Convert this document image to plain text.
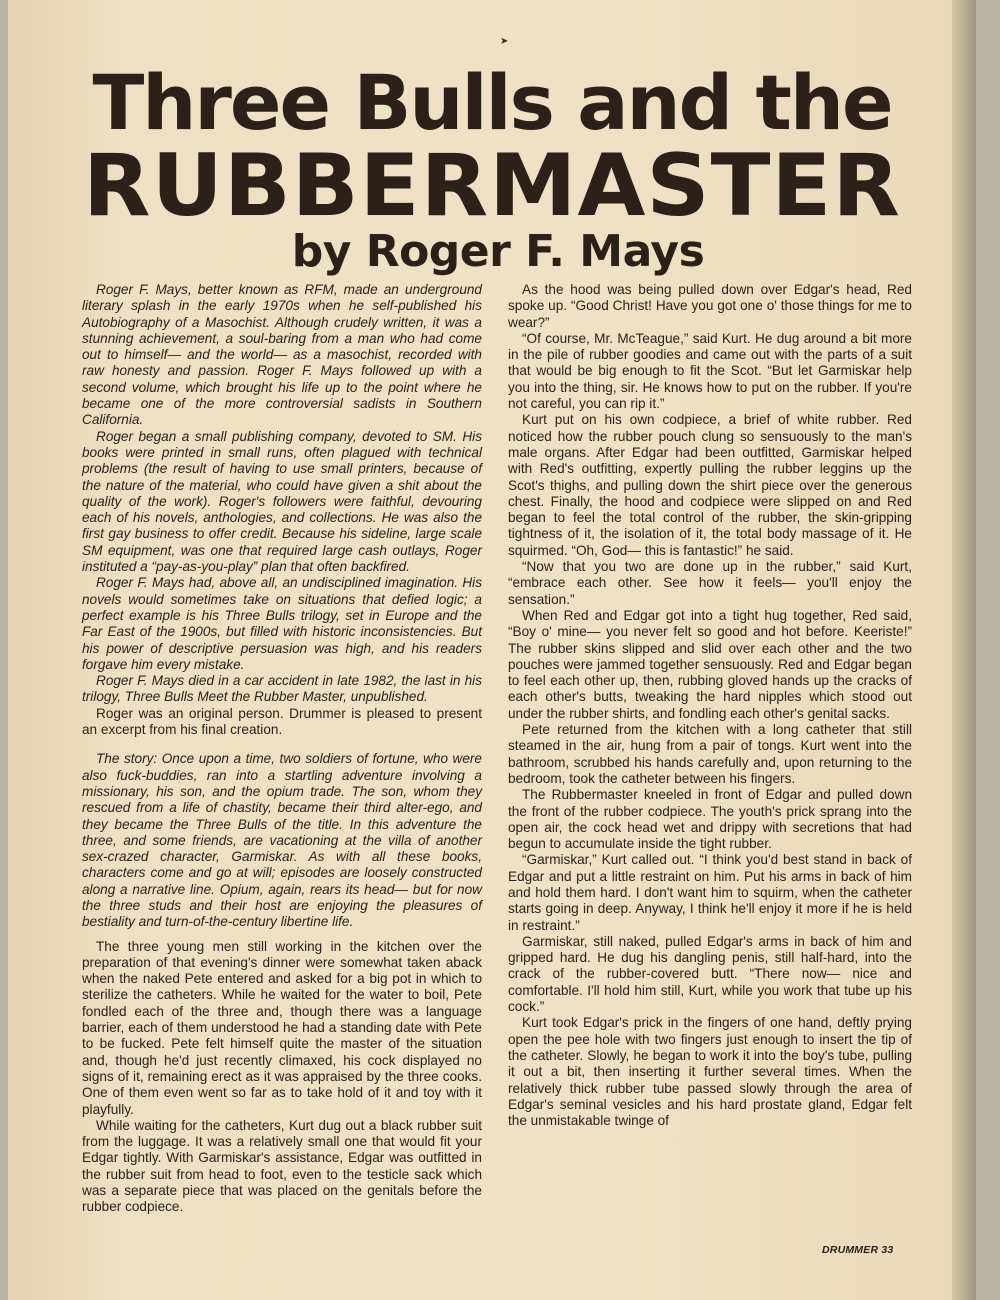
➤
Three Bulls and the
RUBBERMASTER
by Roger F. Mays

Roger F. Mays, better known as RFM, made an underground literary splash in the early 1970s when he self-published his Autobiography of a Masochist. Although crudely written, it was a stunning achievement, a soul-baring from a man who had come out to himself— and the world— as a masochist, recorded with raw honesty and passion. Roger F. Mays followed up with a second volume, which brought his life up to the point where he became one of the more controversial sadists in Southern California.

Roger began a small publishing company, devoted to SM. His books were printed in small runs, often plagued with technical problems (the result of having to use small printers, because of the nature of the material, who could have given a shit about the quality of the work). Roger's followers were faithful, devouring each of his novels, anthologies, and collections. He was also the first gay business to offer credit. Because his sideline, large scale SM equipment, was one that required large cash outlays, Roger instituted a “pay-as-you-play” plan that often backfired.

Roger F. Mays had, above all, an undisciplined imagination. His novels would sometimes take on situations that defied logic; a perfect example is his Three Bulls trilogy, set in Europe and the Far East of the 1900s, but filled with historic inconsistencies. But his power of descriptive persuasion was high, and his readers forgave him every mistake.

Roger F. Mays died in a car accident in late 1982, the last in his trilogy, Three Bulls Meet the Rubber Master, unpublished.

Roger was an original person. Drummer is pleased to present an excerpt from his final creation.

The story: Once upon a time, two soldiers of fortune, who were also fuck-buddies, ran into a startling adventure involving a missionary, his son, and the opium trade. The son, whom they rescued from a life of chastity, became their third alter-ego, and they became the Three Bulls of the title. In this adventure the three, and some friends, are vacationing at the villa of another sex-crazed character, Garmiskar. As with all these books, characters come and go at will; episodes are loosely constructed along a narrative line. Opium, again, rears its head— but for now the three studs and their host are enjoying the pleasures of bestiality and turn-of-the-century libertine life.

The three young men still working in the kitchen over the preparation of that evening's dinner were somewhat taken aback when the naked Pete entered and asked for a big pot in which to sterilize the catheters. While he waited for the water to boil, Pete fondled each of the three and, though there was a language barrier, each of them understood he had a standing date with Pete to be fucked. Pete felt himself quite the master of the situation and, though he'd just recently climaxed, his cock displayed no signs of it, remaining erect as it was appraised by the three cooks. One of them even went so far as to take hold of it and toy with it playfully.

While waiting for the catheters, Kurt dug out a black rubber suit from the luggage. It was a relatively small one that would fit your Edgar tightly. With Garmiskar's assistance, Edgar was outfitted in the rubber suit from head to foot, even to the testicle sack which was a separate piece that was placed on the genitals before the rubber codpiece.

As the hood was being pulled down over Edgar's head, Red spoke up. “Good Christ! Have you got one o' those things for me to wear?”

“Of course, Mr. McTeague,” said Kurt. He dug around a bit more in the pile of rubber goodies and came out with the parts of a suit that would be big enough to fit the Scot. “But let Garmiskar help you into the thing, sir. He knows how to put on the rubber. If you're not careful, you can rip it.”

Kurt put on his own codpiece, a brief of white rubber. Red noticed how the rubber pouch clung so sensuously to the man's male organs. After Edgar had been outfitted, Garmiskar helped with Red's outfitting, expertly pulling the rubber leggins up the Scot's thighs, and pulling down the shirt piece over the generous chest. Finally, the hood and codpiece were slipped on and Red began to feel the total control of the rubber, the skin-gripping tightness of it, the isolation of it, the total body massage of it. He squirmed. “Oh, God— this is fantastic!” he said.

“Now that you two are done up in the rubber,” said Kurt, “embrace each other. See how it feels— you'll enjoy the sensation.”

When Red and Edgar got into a tight hug together, Red said, “Boy o' mine— you never felt so good and hot before. Keeriste!” The rubber skins slipped and slid over each other and the two pouches were jammed together sensuously. Red and Edgar began to feel each other up, then, rubbing gloved hands up the cracks of each other's butts, tweaking the hard nipples which stood out under the rubber shirts, and fondling each other's genital sacks.

Pete returned from the kitchen with a long catheter that still steamed in the air, hung from a pair of tongs. Kurt went into the bathroom, scrubbed his hands carefully and, upon returning to the bedroom, took the catheter between his fingers.

The Rubbermaster kneeled in front of Edgar and pulled down the front of the rubber codpiece. The youth's prick sprang into the open air, the cock head wet and drippy with secretions that had begun to accumulate inside the tight rubber.

“Garmiskar,” Kurt called out. “I think you'd best stand in back of Edgar and put a little restraint on him. Put his arms in back of him and hold them hard. I don't want him to squirm, when the catheter starts going in deep. Anyway, I think he'll enjoy it more if he is held in restraint.”

Garmiskar, still naked, pulled Edgar's arms in back of him and gripped hard. He dug his dangling penis, still half-hard, into the crack of the rubber-covered butt. “There now— nice and comfortable. I'll hold him still, Kurt, while you work that tube up his cock.”

Kurt took Edgar's prick in the fingers of one hand, deftly prying open the pee hole with two fingers just enough to insert the tip of the catheter. Slowly, he began to work it into the boy's tube, pulling it out a bit, then inserting it further several times. When the relatively thick rubber tube passed slowly through the area of Edgar's seminal vesicles and his hard prostate gland, Edgar felt the unmistakable twinge of

DRUMMER 33
